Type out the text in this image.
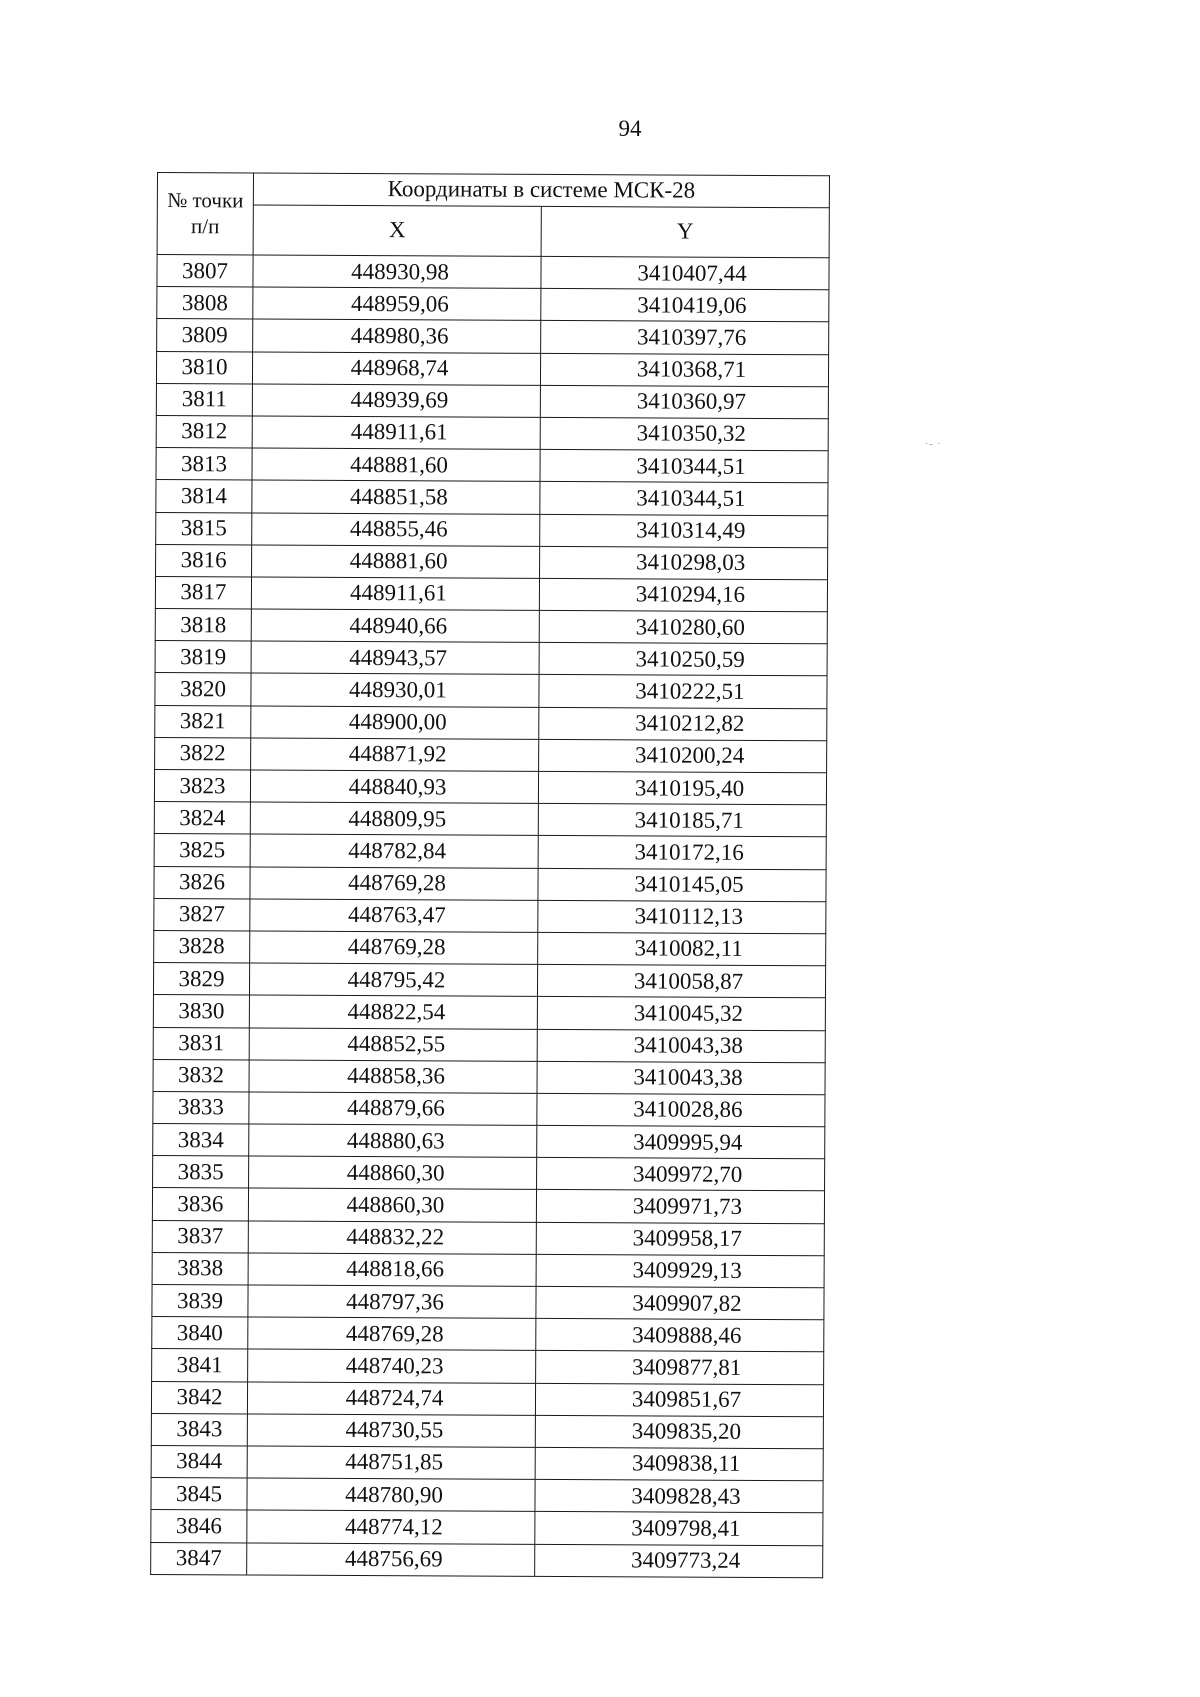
94
·- ·
№ точки п/п	Координаты в системе МСК-28	
	X	Y
3807	448930,98	3410407,44
3808	448959,06	3410419,06
3809	448980,36	3410397,76
3810	448968,74	3410368,71
3811	448939,69	3410360,97
3812	448911,61	3410350,32
3813	448881,60	3410344,51
3814	448851,58	3410344,51
3815	448855,46	3410314,49
3816	448881,60	3410298,03
3817	448911,61	3410294,16
3818	448940,66	3410280,60
3819	448943,57	3410250,59
3820	448930,01	3410222,51
3821	448900,00	3410212,82
3822	448871,92	3410200,24
3823	448840,93	3410195,40
3824	448809,95	3410185,71
3825	448782,84	3410172,16
3826	448769,28	3410145,05
3827	448763,47	3410112,13
3828	448769,28	3410082,11
3829	448795,42	3410058,87
3830	448822,54	3410045,32
3831	448852,55	3410043,38
3832	448858,36	3410043,38
3833	448879,66	3410028,86
3834	448880,63	3409995,94
3835	448860,30	3409972,70
3836	448860,30	3409971,73
3837	448832,22	3409958,17
3838	448818,66	3409929,13
3839	448797,36	3409907,82
3840	448769,28	3409888,46
3841	448740,23	3409877,81
3842	448724,74	3409851,67
3843	448730,55	3409835,20
3844	448751,85	3409838,11
3845	448780,90	3409828,43
3846	448774,12	3409798,41
3847	448756,69	3409773,24
